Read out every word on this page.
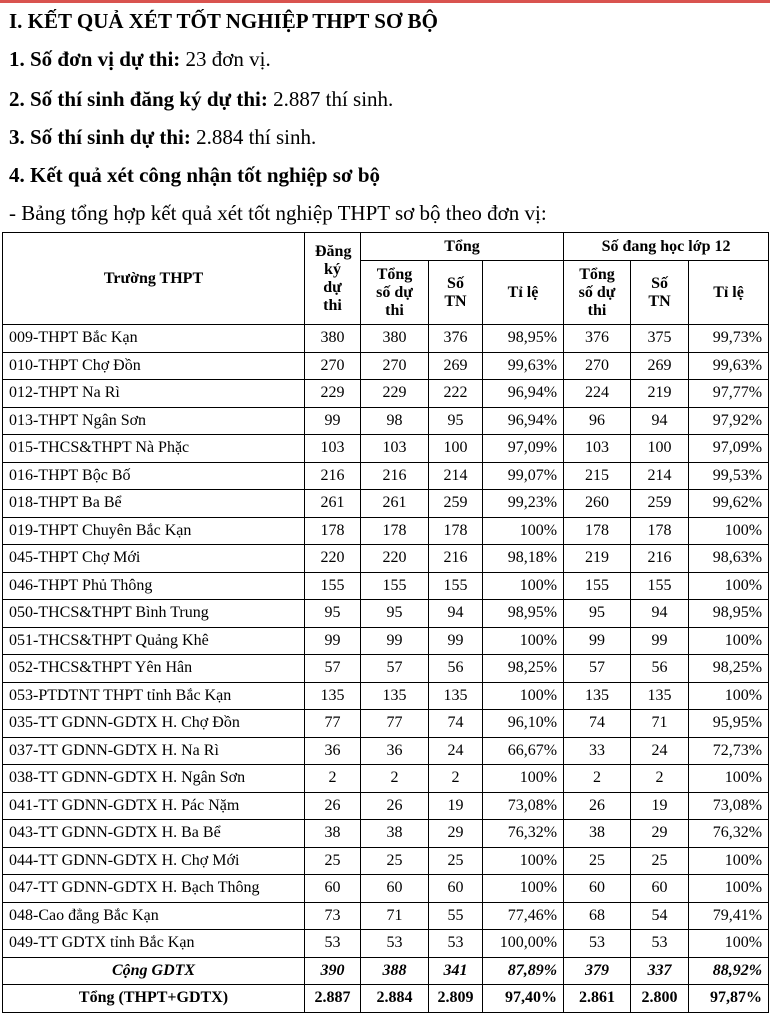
I. KẾT QUẢ XÉT TỐT NGHIỆP THPT SƠ BỘ
1. Số đơn vị dự thi: 23 đơn vị.
2. Số thí sinh đăng ký dự thi: 2.887 thí sinh.
3. Số thí sinh dự thi: 2.884 thí sinh.
4. Kết quả xét công nhận tốt nghiệp sơ bộ
- Bảng tổng hợp kết quả xét tốt nghiệp THPT sơ bộ theo đơn vị:
Trường THPT	Đăng ký dự thi	Tổng			Số đang học lớp 12		
		Tổng số dự thi	Số TN	Tỉ lệ	Tổng số dự thi	Số TN	Tỉ lệ
009-THPT Bắc Kạn	380	380	376	98,95%	376	375	99,73%
010-THPT Chợ Đồn	270	270	269	99,63%	270	269	99,63%
012-THPT Na Rì	229	229	222	96,94%	224	219	97,77%
013-THPT Ngân Sơn	99	98	95	96,94%	96	94	97,92%
015-THCS&THPT Nà Phặc	103	103	100	97,09%	103	100	97,09%
016-THPT Bộc Bố	216	216	214	99,07%	215	214	99,53%
018-THPT Ba Bể	261	261	259	99,23%	260	259	99,62%
019-THPT Chuyên Bắc Kạn	178	178	178	100%	178	178	100%
045-THPT Chợ Mới	220	220	216	98,18%	219	216	98,63%
046-THPT Phủ Thông	155	155	155	100%	155	155	100%
050-THCS&THPT Bình Trung	95	95	94	98,95%	95	94	98,95%
051-THCS&THPT Quảng Khê	99	99	99	100%	99	99	100%
052-THCS&THPT Yên Hân	57	57	56	98,25%	57	56	98,25%
053-PTDTNT THPT tỉnh Bắc Kạn	135	135	135	100%	135	135	100%
035-TT GDNN-GDTX H. Chợ Đồn	77	77	74	96,10%	74	71	95,95%
037-TT GDNN-GDTX H. Na Rì	36	36	24	66,67%	33	24	72,73%
038-TT GDNN-GDTX H. Ngân Sơn	2	2	2	100%	2	2	100%
041-TT GDNN-GDTX H. Pác Nặm	26	26	19	73,08%	26	19	73,08%
043-TT GDNN-GDTX H. Ba Bể	38	38	29	76,32%	38	29	76,32%
044-TT GDNN-GDTX H. Chợ Mới	25	25	25	100%	25	25	100%
047-TT GDNN-GDTX H. Bạch Thông	60	60	60	100%	60	60	100%
048-Cao đẳng Bắc Kạn	73	71	55	77,46%	68	54	79,41%
049-TT GDTX tỉnh Bắc Kạn	53	53	53	100,00%	53	53	100%
Cộng GDTX	390	388	341	87,89%	379	337	88,92%
Tổng (THPT+GDTX)	2.887	2.884	2.809	97,40%	2.861	2.800	97,87%
